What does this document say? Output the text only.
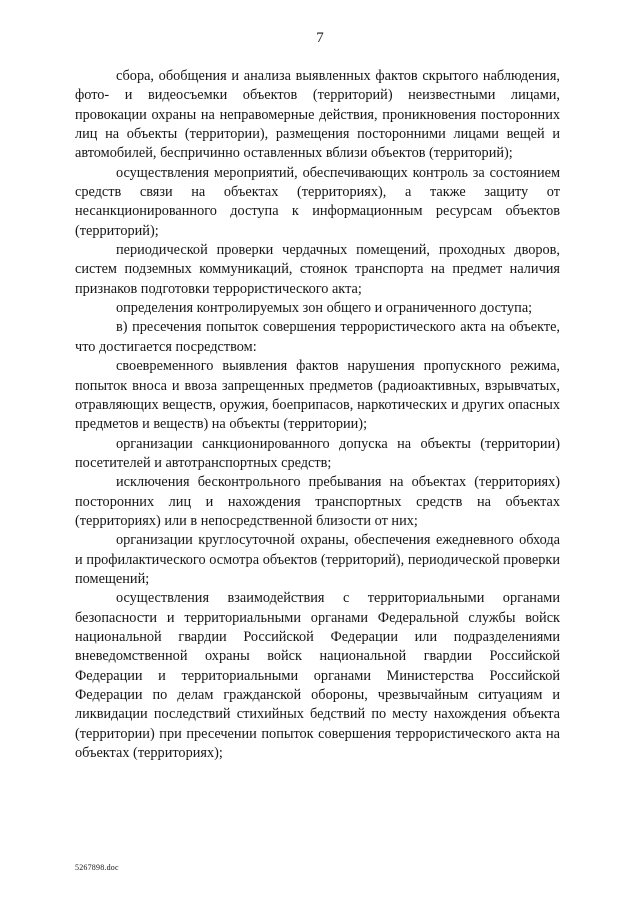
7

сбора, обобщения и анализа выявленных фактов скрытого наблюдения, фото- и видеосъемки объектов (территорий) неизвестными лицами, провокации охраны на неправомерные действия, проникновения посторонних лиц на объекты (территории), размещения посторонними лицами вещей и автомобилей, беспричинно оставленных вблизи объектов (территорий);

осуществления мероприятий, обеспечивающих контроль за состоянием средств связи на объектах (территориях), а также защиту от несанкционированного доступа к информационным ресурсам объектов (территорий);

периодической проверки чердачных помещений, проходных дворов, систем подземных коммуникаций, стоянок транспорта на предмет наличия признаков подготовки террористического акта;

определения контролируемых зон общего и ограниченного доступа;

в) пресечения попыток совершения террористического акта на объекте, что достигается посредством:

своевременного выявления фактов нарушения пропускного режима, попыток вноса и ввоза запрещенных предметов (радиоактивных, взрывчатых, отравляющих веществ, оружия, боеприпасов, наркотических и других опасных предметов и веществ) на объекты (территории);

организации санкционированного допуска на объекты (территории) посетителей и автотранспортных средств;

исключения бесконтрольного пребывания на объектах (территориях) посторонних лиц и нахождения транспортных средств на объектах (территориях) или в непосредственной близости от них;

организации круглосуточной охраны, обеспечения ежедневного обхода и профилактического осмотра объектов (территорий), периодической проверки помещений;

осуществления взаимодействия с территориальными органами безопасности и территориальными органами Федеральной службы войск национальной гвардии Российской Федерации или подразделениями вневедомственной охраны войск национальной гвардии Российской Федерации и территориальными органами Министерства Российской Федерации по делам гражданской обороны, чрезвычайным ситуациям и ликвидации последствий стихийных бедствий по месту нахождения объекта (территории) при пресечении попыток совершения террористического акта на объектах (территориях);

5267898.doc
